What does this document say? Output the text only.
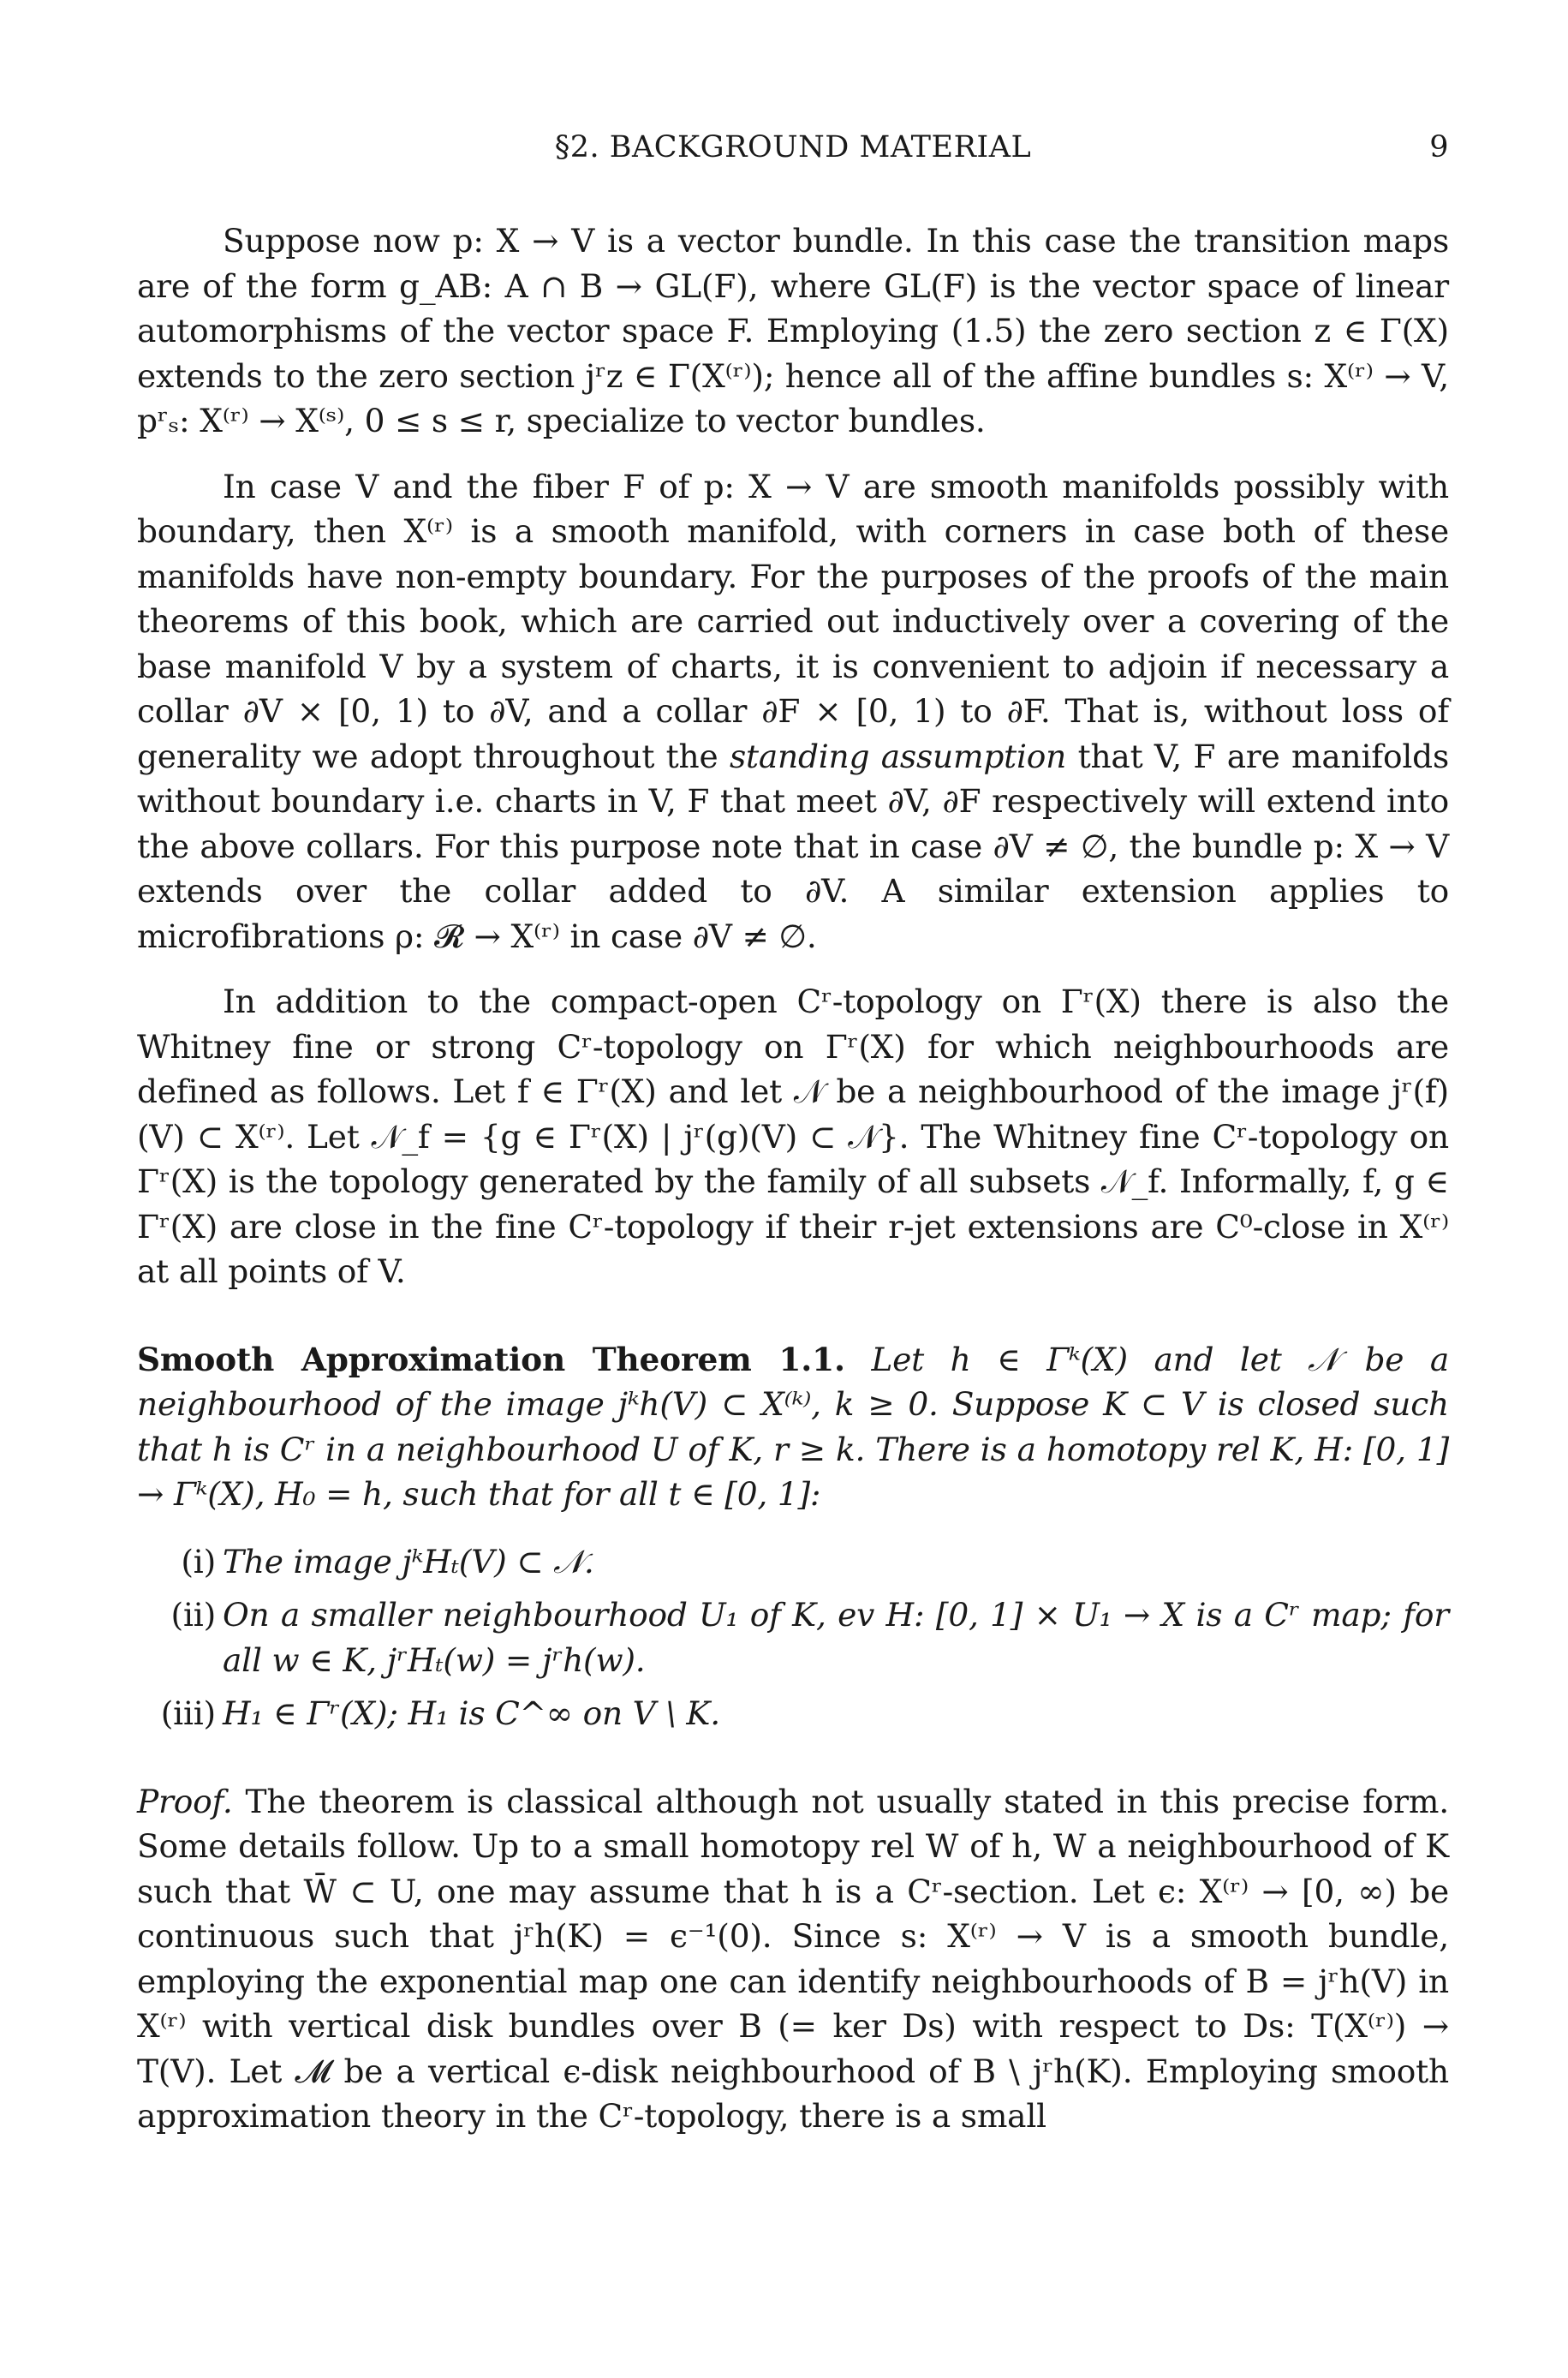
§2. BACKGROUND MATERIAL	9

Suppose now p: X → V is a vector bundle. In this case the transition maps are of the form g_AB: A ∩ B → GL(F), where GL(F) is the vector space of linear automorphisms of the vector space F. Employing (1.5) the zero section z ∈ Γ(X) extends to the zero section jʳz ∈ Γ(X⁽ʳ⁾); hence all of the affine bundles s: X⁽ʳ⁾ → V, pʳₛ: X⁽ʳ⁾ → X⁽ˢ⁾, 0 ≤ s ≤ r, specialize to vector bundles.

In case V and the fiber F of p: X → V are smooth manifolds possibly with boundary, then X⁽ʳ⁾ is a smooth manifold, with corners in case both of these manifolds have non-empty boundary. For the purposes of the proofs of the main theorems of this book, which are carried out inductively over a covering of the base manifold V by a system of charts, it is convenient to adjoin if necessary a collar ∂V × [0, 1) to ∂V, and a collar ∂F × [0, 1) to ∂F. That is, without loss of generality we adopt throughout the standing assumption that V, F are manifolds without boundary i.e. charts in V, F that meet ∂V, ∂F respectively will extend into the above collars. For this purpose note that in case ∂V ≠ ∅, the bundle p: X → V extends over the collar added to ∂V. A similar extension applies to microfibrations ρ: 𝓡 → X⁽ʳ⁾ in case ∂V ≠ ∅.

In addition to the compact-open Cʳ-topology on Γʳ(X) there is also the Whitney fine or strong Cʳ-topology on Γʳ(X) for which neighbourhoods are defined as follows. Let f ∈ Γʳ(X) and let 𝒩 be a neighbourhood of the image jʳ(f)(V) ⊂ X⁽ʳ⁾. Let 𝒩_f = {g ∈ Γʳ(X) | jʳ(g)(V) ⊂ 𝒩}. The Whitney fine Cʳ-topology on Γʳ(X) is the topology generated by the family of all subsets 𝒩_f. Informally, f, g ∈ Γʳ(X) are close in the fine Cʳ-topology if their r-jet extensions are C⁰-close in X⁽ʳ⁾ at all points of V.

Smooth Approximation Theorem 1.1. Let h ∈ Γᵏ(X) and let 𝒩 be a neighbourhood of the image jᵏh(V) ⊂ X⁽ᵏ⁾, k ≥ 0. Suppose K ⊂ V is closed such that h is Cʳ in a neighbourhood U of K, r ≥ k. There is a homotopy rel K, H: [0, 1] → Γᵏ(X), H₀ = h, such that for all t ∈ [0, 1]:

(i) The image jᵏHₜ(V) ⊂ 𝒩.
(ii) On a smaller neighbourhood U₁ of K, ev H: [0, 1] × U₁ → X is a Cʳ map; for all w ∈ K, jʳHₜ(w) = jʳh(w).
(iii) H₁ ∈ Γʳ(X); H₁ is C^∞ on V \ K.

Proof. The theorem is classical although not usually stated in this precise form. Some details follow. Up to a small homotopy rel W of h, W a neighbourhood of K such that W̄ ⊂ U, one may assume that h is a Cʳ-section. Let ϵ: X⁽ʳ⁾ → [0, ∞) be continuous such that jʳh(K) = ϵ⁻¹(0). Since s: X⁽ʳ⁾ → V is a smooth bundle, employing the exponential map one can identify neighbourhoods of B = jʳh(V) in X⁽ʳ⁾ with vertical disk bundles over B (= ker Ds) with respect to Ds: T(X⁽ʳ⁾) → T(V). Let 𝓜 be a vertical ϵ-disk neighbourhood of B \ jʳh(K). Employing smooth approximation theory in the Cʳ-topology, there is a small
